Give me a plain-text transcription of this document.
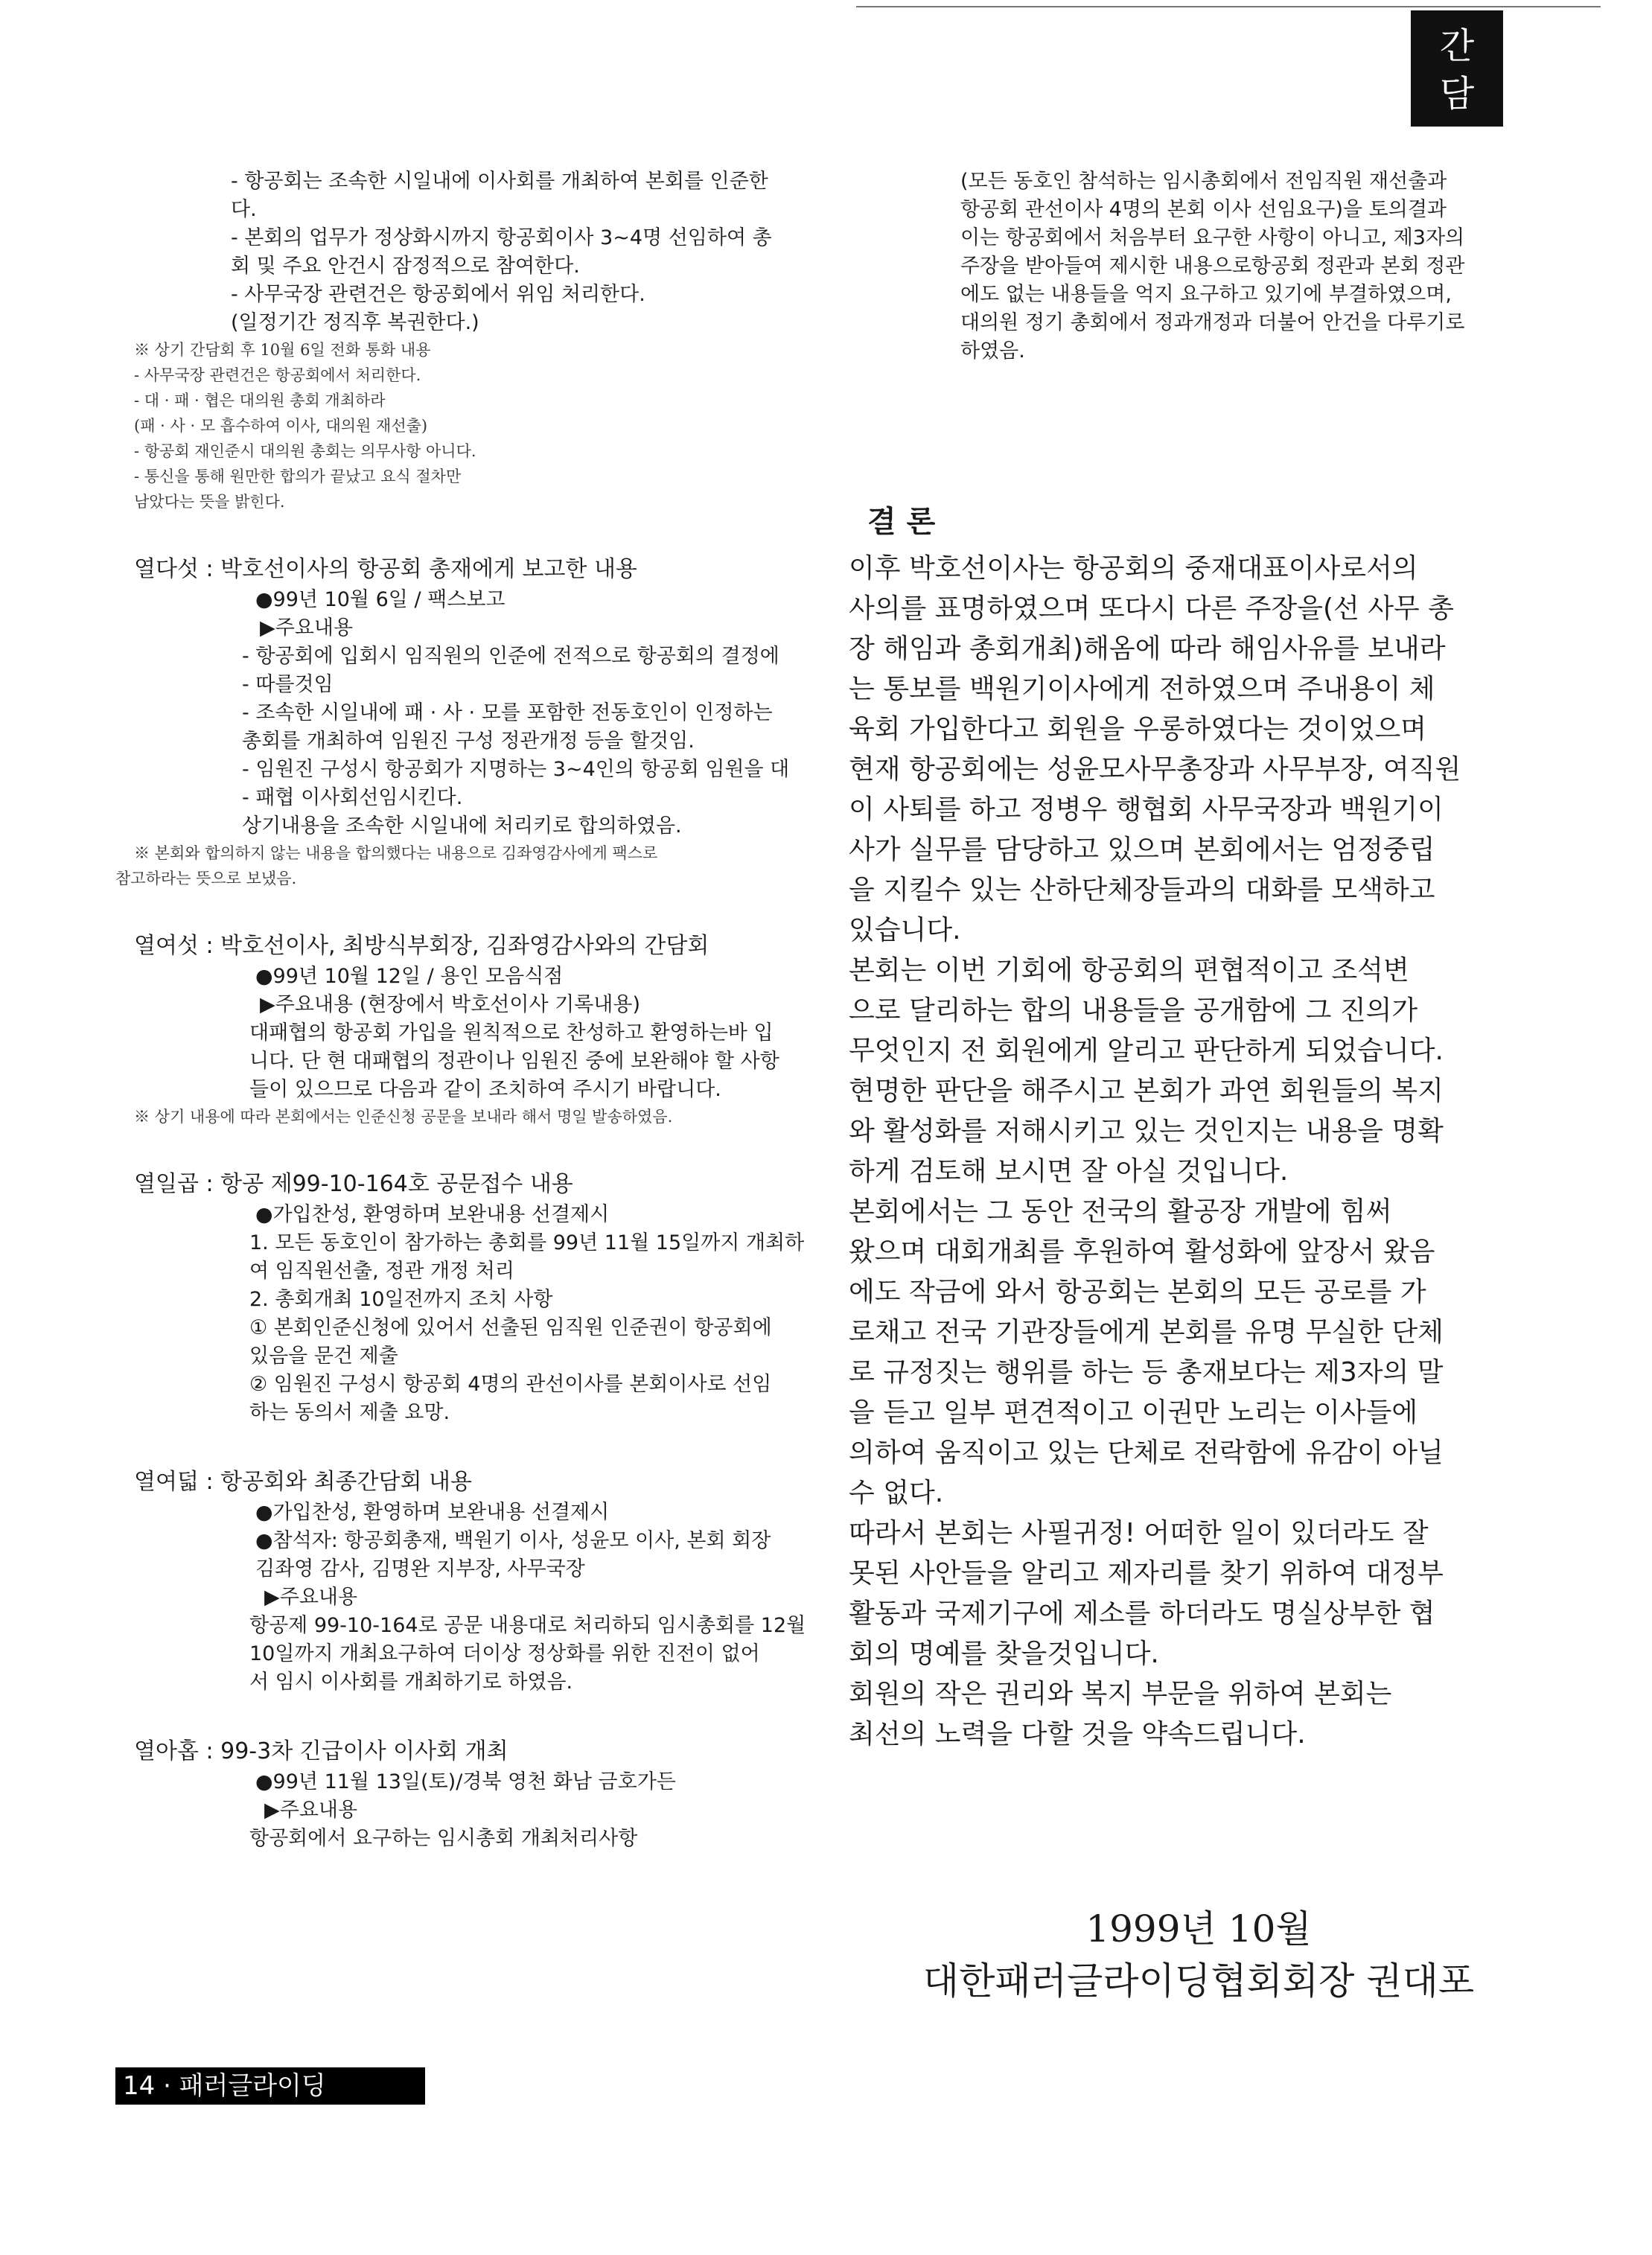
간
담
- 항공회는 조속한 시일내에 이사회를 개최하여 본회를 인준한
다.
- 본회의 업무가 정상화시까지 항공회이사 3~4명 선임하여 총
회 및 주요 안건시 잠정적으로 참여한다.
- 사무국장 관련건은 항공회에서 위임 처리한다.
(일정기간 정직후 복권한다.)
※ 상기 간담회 후 10월 6일 전화 통화 내용
- 사무국장 관련건은 항공회에서 처리한다.
- 대 · 패 · 협은 대의원 총회 개최하라
(패 · 사 · 모 흡수하여 이사, 대의원 재선출)
- 항공회 재인준시 대의원 총회는 의무사항 아니다.
- 통신을 통해 원만한 합의가 끝났고 요식 절차만
남았다는 뜻을 밝힌다.
열다섯 : 박호선이사의 항공회 총재에게 보고한 내용
●99년 10월 6일 / 팩스보고
▶주요내용
- 항공회에 입회시 임직원의 인준에 전적으로 항공회의 결정에
- 따를것임
- 조속한 시일내에 패 · 사 · 모를 포함한 전동호인이 인정하는
총회를 개최하여 임원진 구성 정관개정 등을 할것임.
- 임원진 구성시 항공회가 지명하는 3~4인의 항공회 임원을 대
- 패협 이사회선임시킨다.
상기내용을 조속한 시일내에 처리키로 합의하였음.
※ 본회와 합의하지 않는 내용을 합의했다는 내용으로 김좌영감사에게 팩스로
참고하라는 뜻으로 보냈음.
열여섯 : 박호선이사, 최방식부회장, 김좌영감사와의 간담회
●99년 10월 12일 / 용인 모음식점
▶주요내용 (현장에서 박호선이사 기록내용)
대패협의 항공회 가입을 원칙적으로 찬성하고 환영하는바 입
니다. 단 현 대패협의 정관이나 임원진 중에 보완해야 할 사항
들이 있으므로 다음과 같이 조치하여 주시기 바랍니다.
※ 상기 내용에 따라 본회에서는 인준신청 공문을 보내라 해서 명일 발송하였음.
열일곱 : 항공 제99-10-164호 공문접수 내용
●가입찬성, 환영하며 보완내용 선결제시
1. 모든 동호인이 참가하는 총회를 99년 11월 15일까지 개최하
여 임직원선출, 정관 개정 처리
2. 총회개최 10일전까지 조치 사항
① 본회인준신청에 있어서 선출된 임직원 인준권이 항공회에
있음을 문건 제출
② 임원진 구성시 항공회 4명의 관선이사를 본회이사로 선임
하는 동의서 제출 요망.
열여덟 : 항공회와 최종간담회 내용
●가입찬성, 환영하며 보완내용 선결제시
●참석자: 항공회총재, 백원기 이사, 성윤모 이사, 본회 회장
김좌영 감사, 김명완 지부장, 사무국장
▶주요내용
항공제 99-10-164로 공문 내용대로 처리하되 임시총회를 12월
10일까지 개최요구하여 더이상 정상화를 위한 진전이 없어
서 임시 이사회를 개최하기로 하였음.
열아홉 : 99-3차 긴급이사 이사회 개최
●99년 11월 13일(토)/경북 영천 화남 금호가든
▶주요내용
항공회에서 요구하는 임시총회 개최처리사항
(모든 동호인 참석하는 임시총회에서 전임직원 재선출과
항공회 관선이사 4명의 본회 이사 선임요구)을 토의결과
이는 항공회에서 처음부터 요구한 사항이 아니고, 제3자의
주장을 받아들여 제시한 내용으로항공회 정관과 본회 정관
에도 없는 내용들을 억지 요구하고 있기에 부결하였으며,
대의원 정기 총회에서 정과개정과 더불어 안건을 다루기로
하였음.
결 론
이후 박호선이사는 항공회의 중재대표이사로서의
사의를 표명하였으며 또다시 다른 주장을(선 사무 총
장 해임과 총회개최)해옴에 따라 해임사유를 보내라
는 통보를 백원기이사에게 전하였으며 주내용이 체
육회 가입한다고 회원을 우롱하였다는 것이었으며
현재 항공회에는 성윤모사무총장과 사무부장, 여직원
이 사퇴를 하고 정병우 행협회 사무국장과 백원기이
사가 실무를 담당하고 있으며 본회에서는 엄정중립
을 지킬수 있는 산하단체장들과의 대화를 모색하고
있습니다.
본회는 이번 기회에 항공회의 편협적이고 조석변
으로 달리하는 합의 내용들을 공개함에 그 진의가
무엇인지 전 회원에게 알리고 판단하게 되었습니다.
현명한 판단을 해주시고 본회가 과연 회원들의 복지
와 활성화를 저해시키고 있는 것인지는 내용을 명확
하게 검토해 보시면 잘 아실 것입니다.
본회에서는 그 동안 전국의 활공장 개발에 힘써
왔으며 대회개최를 후원하여 활성화에 앞장서 왔음
에도 작금에 와서 항공회는 본회의 모든 공로를 가
로채고 전국 기관장들에게 본회를 유명 무실한 단체
로 규정짓는 행위를 하는 등 총재보다는 제3자의 말
을 듣고 일부 편견적이고 이권만 노리는 이사들에
의하여 움직이고 있는 단체로 전락함에 유감이 아닐
수 없다.
따라서 본회는 사필귀정! 어떠한 일이 있더라도 잘
못된 사안들을 알리고 제자리를 찾기 위하여 대정부
활동과 국제기구에 제소를 하더라도 명실상부한 협
회의 명예를 찾을것입니다.
회원의 작은 권리와 복지 부문을 위하여 본회는
최선의 노력을 다할 것을 약속드립니다.
1999년 10월
대한패러글라이딩협회회장 권대포
14 · 패러글라이딩
